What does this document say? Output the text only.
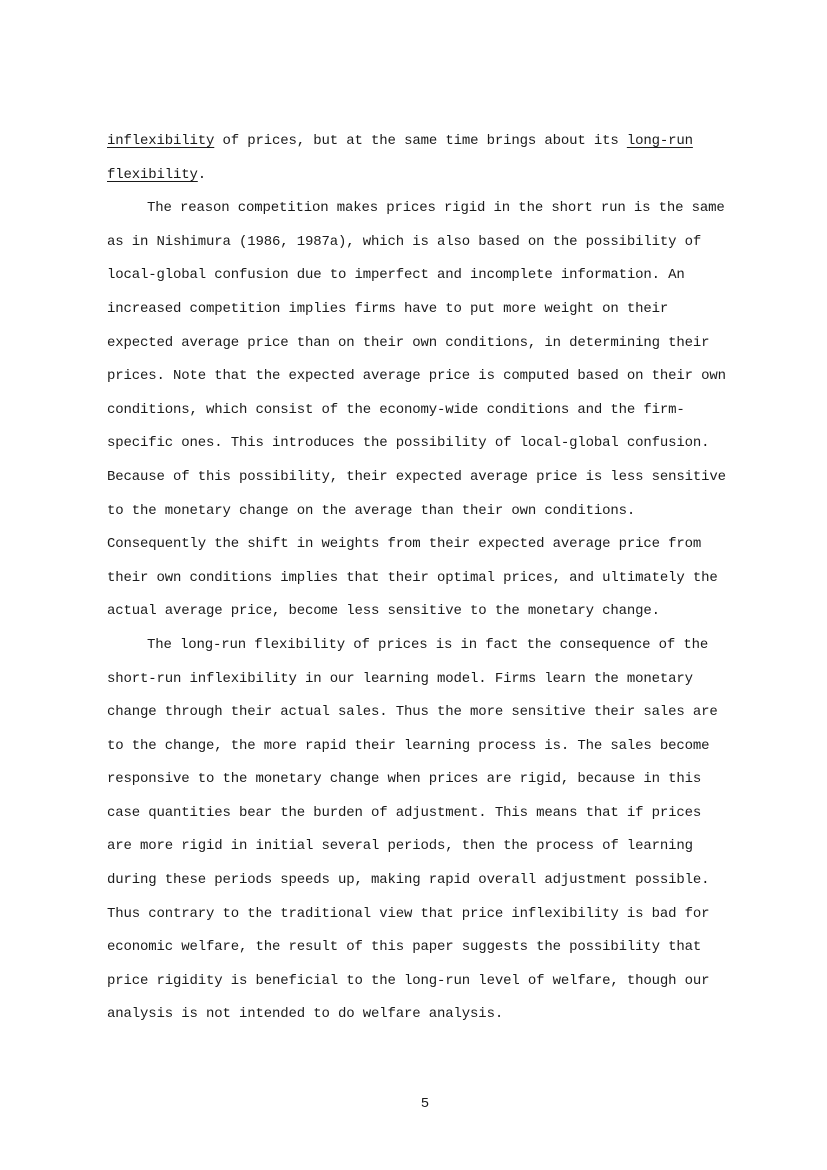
inflexibility of prices, but at the same time brings about its long-run
flexibility.
The reason competition makes prices rigid in the short run is the same
as in Nishimura (1986, 1987a), which is also based on the possibility of
local-global confusion due to imperfect and incomplete information. An
increased competition implies firms have to put more weight on their
expected average price than on their own conditions, in determining their
prices. Note that the expected average price is computed based on their own
conditions, which consist of the economy-wide conditions and the firm-
specific ones. This introduces the possibility of local-global confusion.
Because of this possibility, their expected average price is less sensitive
to the monetary change on the average than their own conditions.
Consequently the shift in weights from their expected average price from
their own conditions implies that their optimal prices, and ultimately the
actual average price, become less sensitive to the monetary change.
The long-run flexibility of prices is in fact the consequence of the
short-run inflexibility in our learning model. Firms learn the monetary
change through their actual sales. Thus the more sensitive their sales are
to the change, the more rapid their learning process is. The sales become
responsive to the monetary change when prices are rigid, because in this
case quantities bear the burden of adjustment. This means that if prices
are more rigid in initial several periods, then the process of learning
during these periods speeds up, making rapid overall adjustment possible.
Thus contrary to the traditional view that price inflexibility is bad for
economic welfare, the result of this paper suggests the possibility that
price rigidity is beneficial to the long-run level of welfare, though our
analysis is not intended to do welfare analysis.
5
